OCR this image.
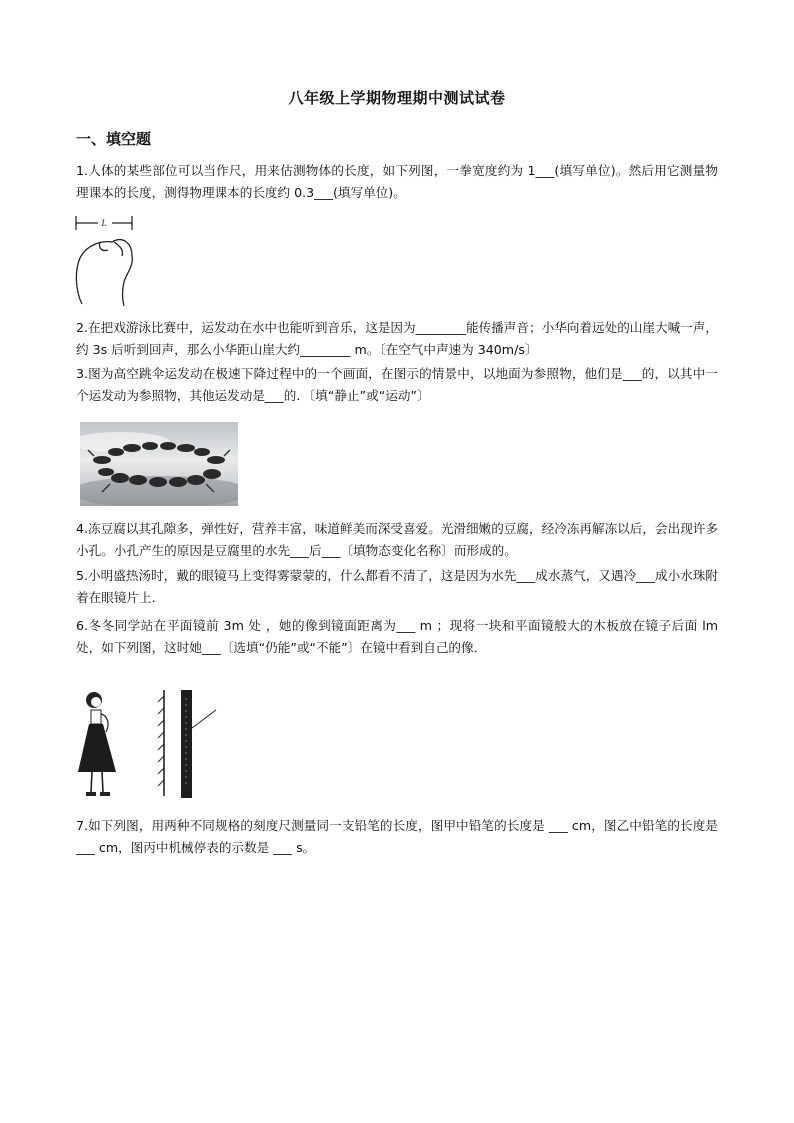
八年级上学期物理期中测试试卷
一、填空题
1.人体的某些部位可以当作尺，用来估测物体的长度，如下列图，一拳宽度约为 1___(填写单位)。然后用它测量物理课本的长度，测得物理课本的长度约 0.3___(填写单位)。
L
2.在把戏游泳比赛中，运发动在水中也能听到音乐，这是因为________能传播声音；小华向着远处的山崖大喊一声，约 3s 后听到回声，那么小华距山崖大约________ m。〔在空气中声速为 340m/s〕
3.图为高空跳伞运发动在极速下降过程中的一个画面，在图示的情景中，以地面为参照物，他们是___的，以其中一个运发动为参照物，其他运发动是___的．〔填“静止”或“运动”〕
4.冻豆腐以其孔隙多，弹性好，营养丰富，味道鲜美而深受喜爱。光滑细嫩的豆腐，经冷冻再解冻以后，会出现许多小孔。小孔产生的原因是豆腐里的水先___后___〔填物态变化名称〕而形成的。
5.小明盛热汤时，戴的眼镜马上变得雾蒙蒙的，什么都看不清了，这是因为水先___成水蒸气，又遇冷___成小水珠附着在眼镜片上．
6.冬冬同学站在平面镜前 3m 处 ，她的像到镜面距离为___ m ；现将一块和平面镜般大的木板放在镜子后面 lm 处，如下列图，这时她___〔选填“仍能”或“不能”〕在镜中看到自己的像．
7.如下列图，用两种不同规格的刻度尺测量同一支铅笔的长度，图甲中铅笔的长度是 ___ cm，图乙中铅笔的长度是 ___ cm，图丙中机械停表的示数是 ___ s。
